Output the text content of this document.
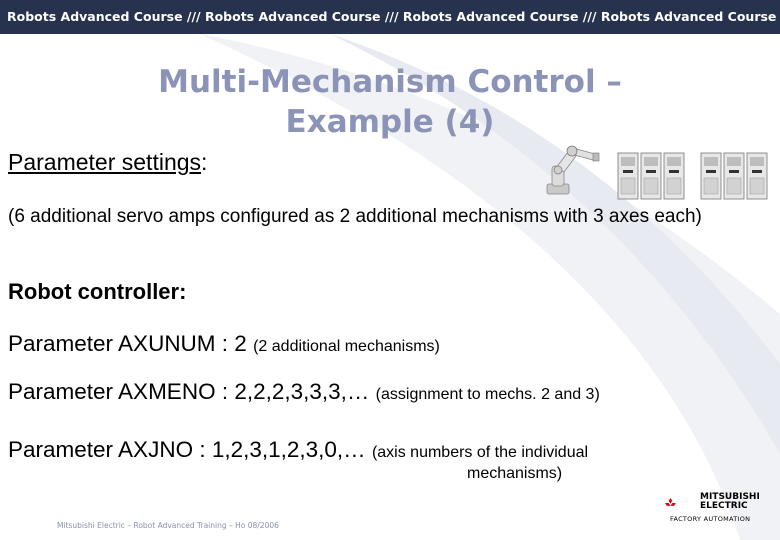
Robots Advanced Course /// Robots Advanced Course /// Robots Advanced Course /// Robots Advanced Course
Multi-Mechanism Control –
Example (4)
Parameter settings:
(6 additional servo amps configured as 2 additional mechanisms with 3 axes each)
Robot controller:
Parameter AXUNUM : 2 (2 additional mechanisms)
Parameter AXMENO : 2,2,2,3,3,3,… (assignment to mechs. 2 and 3)
Parameter AXJNO : 1,2,3,1,2,3,0,… (axis numbers of the individual
mechanisms)
Mitsubishi Electric – Robot Advanced Training – Ho 08/2006
MITSUBISHI
ELECTRIC
FACTORY AUTOMATION
